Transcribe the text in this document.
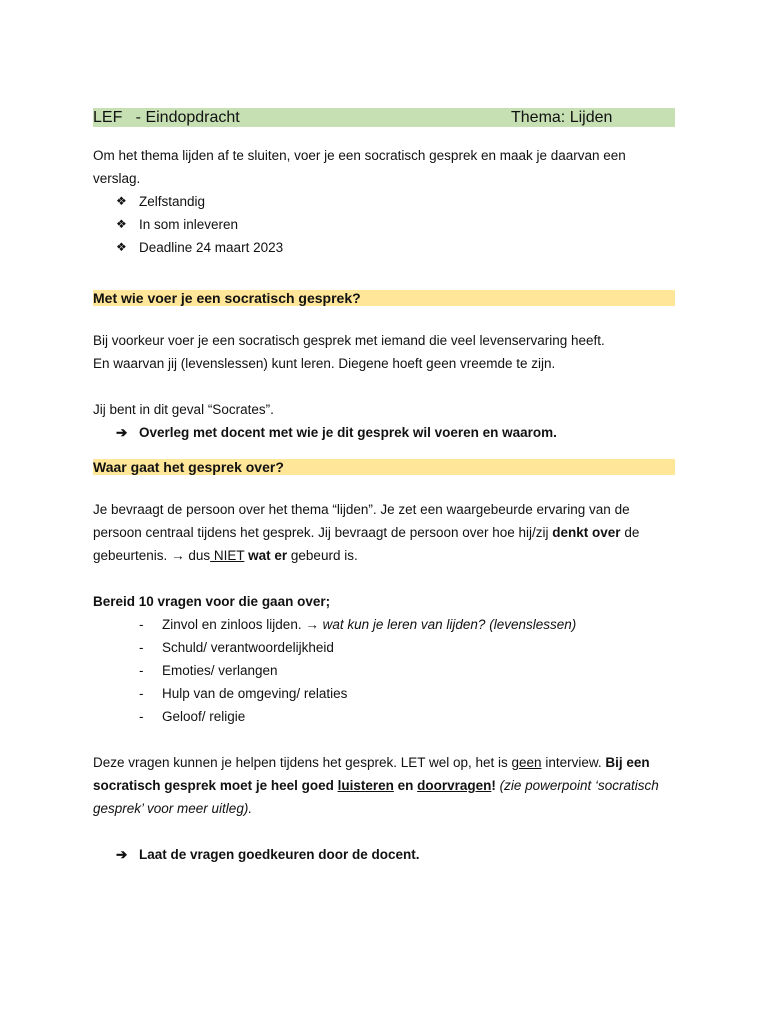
LEF   - Eindopdracht	Thema: Lijden

Om het thema lijden af te sluiten, voer je een socratisch gesprek en maak je daarvan een verslag.

❖ Zelfstandig
❖ In som inleveren
❖ Deadline 24 maart 2023
Met wie voer je een socratisch gesprek?

Bij voorkeur voer je een socratisch gesprek met iemand die veel levenservaring heeft.

En waarvan jij (levenslessen) kunt leren. Diegene hoeft geen vreemde te zijn.

Jij bent in dit geval “Socrates”.

➔ Overleg met docent met wie je dit gesprek wil voeren en waarom.
Waar gaat het gesprek over?

Je bevraagt de persoon over het thema “lijden”. Je zet een waargebeurde ervaring van de persoon centraal tijdens het gesprek. Jij bevraagt de persoon over hoe hij/zij denkt over de gebeurtenis. → dus NIET wat er gebeurd is.

Bereid 10 vragen voor die gaan over;

- Zinvol en zinloos lijden. → wat kun je leren van lijden? (levenslessen)
- Schuld/ verantwoordelijkheid
- Emoties/ verlangen
- Hulp van de omgeving/ relaties
- Geloof/ religie

Deze vragen kunnen je helpen tijdens het gesprek. LET wel op, het is geen interview. Bij een socratisch gesprek moet je heel goed luisteren en doorvragen! (zie powerpoint ‘socratisch gesprek’ voor meer uitleg).

➔ Laat de vragen goedkeuren door de docent.
